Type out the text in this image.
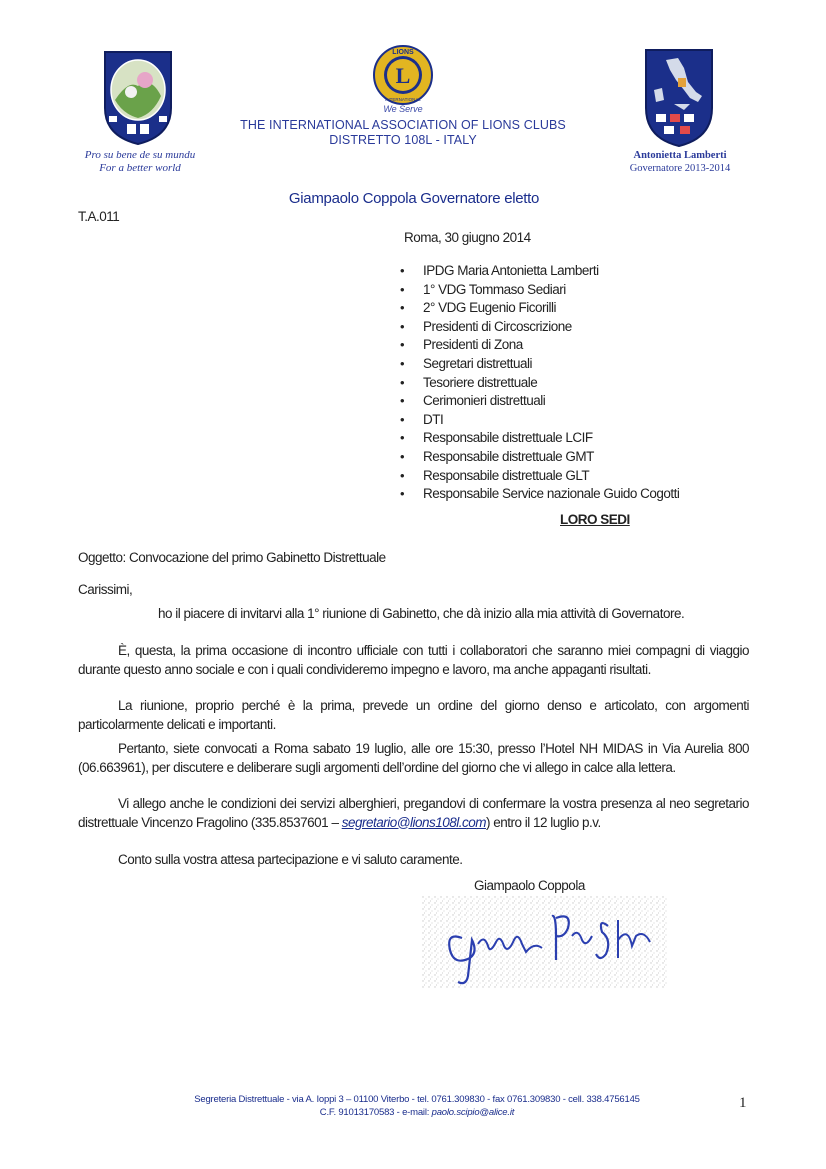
L
LIONS
INTERNATIONAL
We Serve
THE INTERNATIONAL ASSOCIATION OF LIONS CLUBS
DISTRETTO 108L - ITALY
Pro su bene de su mundu
For a better world
Antonietta Lamberti
Governatore 2013-2014
Giampaolo Coppola Governatore eletto
T.A.011
Roma, 30 giugno 2014
• IPDG Maria Antonietta Lamberti
• 1° VDG Tommaso Sediari
• 2° VDG Eugenio Ficorilli
• Presidenti di Circoscrizione
• Presidenti di Zona
• Segretari distrettuali
• Tesoriere distrettuale
• Cerimonieri distrettuali
• DTI
• Responsabile distrettuale LCIF
• Responsabile distrettuale GMT
• Responsabile distrettuale GLT
• Responsabile Service nazionale Guido Cogotti
LORO SEDI
Oggetto: Convocazione del primo Gabinetto Distrettuale
Carissimi,
ho il piacere di invitarvi alla 1° riunione di Gabinetto, che dà inizio alla mia attività di Governatore.
È, questa, la prima occasione di incontro ufficiale con tutti i collaboratori che saranno miei compagni di viaggio durante questo anno sociale e con i quali condivideremo impegno e lavoro, ma anche appaganti risultati.
La riunione, proprio perché è la prima, prevede un ordine del giorno denso e articolato, con argomenti particolarmente delicati e importanti.
Pertanto, siete convocati a Roma sabato 19 luglio, alle ore 15:30, presso l’Hotel NH MIDAS in Via Aurelia 800 (06.663961), per discutere e deliberare sugli argomenti dell’ordine del giorno che vi allego in calce alla lettera.
Vi allego anche le condizioni dei servizi alberghieri, pregandovi di confermare la vostra presenza al neo segretario distrettuale Vincenzo Fragolino (335.8537601 – segretario@lions108l.com) entro il 12 luglio p.v.
Conto sulla vostra attesa partecipazione e vi saluto caramente.
Giampaolo Coppola
Segreteria Distrettuale - via A. Ioppi 3 – 01100 Viterbo - tel. 0761.309830 - fax 0761.309830 - cell. 338.4756145
C.F. 91013170583 - e-mail: paolo.scipio@alice.it
1
